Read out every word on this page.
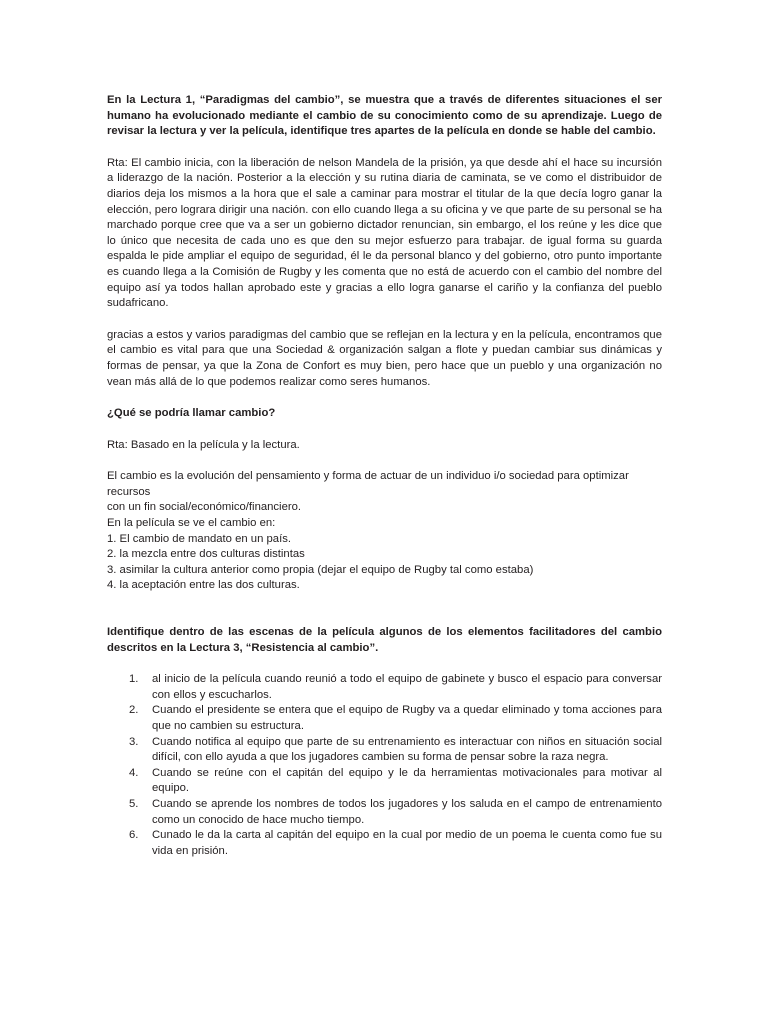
En la Lectura 1, “Paradigmas del cambio”, se muestra que a través de diferentes situaciones el ser humano ha evolucionado mediante el cambio de su conocimiento como de su aprendizaje. Luego de revisar la lectura y ver la película, identifique tres apartes de la película en donde se hable del cambio.

Rta: El cambio inicia, con la liberación de nelson Mandela de la prisión, ya que desde ahí el hace su incursión a liderazgo de la nación. Posterior a la elección y su rutina diaria de caminata, se ve como el distribuidor de diarios deja los mismos a la hora que el sale a caminar para mostrar el titular de la que decía logro ganar la elección, pero lograra dirigir una nación. con ello cuando llega a su oficina y ve que parte de su personal se ha marchado porque cree que va a ser un gobierno dictador renuncian, sin embargo, el los reúne y les dice que lo único que necesita de cada uno es que den su mejor esfuerzo para trabajar. de igual forma su guarda espalda le pide ampliar el equipo de seguridad, él le da personal blanco y del gobierno, otro punto importante es cuando llega a la Comisión de Rugby y les comenta que no está de acuerdo con el cambio del nombre del equipo así ya todos hallan aprobado este y gracias a ello logra ganarse el cariño y la confianza del pueblo sudafricano.

gracias a estos y varios paradigmas del cambio que se reflejan en la lectura y en la película, encontramos que el cambio es vital para que una Sociedad & organización salgan a flote y puedan cambiar sus dinámicas y formas de pensar, ya que la Zona de Confort es muy bien, pero hace que un pueblo y una organización no vean más allá de lo que podemos realizar como seres humanos.

¿Qué se podría llamar cambio?

Rta: Basado en la película y la lectura.

El cambio es la evolución del pensamiento y forma de actuar de un individuo i/o sociedad para optimizar recursos
con un fin social/económico/financiero.
En la película se ve el cambio en:
1. El cambio de mandato en un país.
2. la mezcla entre dos culturas distintas
3. asimilar la cultura anterior como propia (dejar el equipo de Rugby tal como estaba)
4. la aceptación entre las dos culturas.

Identifique dentro de las escenas de la película algunos de los elementos facilitadores del cambio descritos en la Lectura 3, “Resistencia al cambio”.

1. al inicio de la película cuando reunió a todo el equipo de gabinete y busco el espacio para conversar con ellos y escucharlos.
2. Cuando el presidente se entera que el equipo de Rugby va a quedar eliminado y toma acciones para que no cambien su estructura.
3. Cuando notifica al equipo que parte de su entrenamiento es interactuar con niños en situación social difícil, con ello ayuda a que los jugadores cambien su forma de pensar sobre la raza negra.
4. Cuando se reúne con el capitán del equipo y le da herramientas motivacionales para motivar al equipo.
5. Cuando se aprende los nombres de todos los jugadores y los saluda en el campo de entrenamiento como un conocido de hace mucho tiempo.
6. Cunado le da la carta al capitán del equipo en la cual por medio de un poema le cuenta como fue su vida en prisión.
